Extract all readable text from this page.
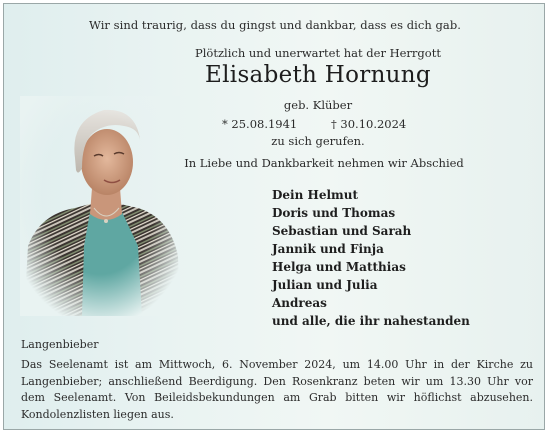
Wir sind traurig, dass du gingst und dankbar, dass es dich gab.
Plötzlich und unerwartet hat der Herrgott
Elisabeth Hornung
geb. Klüber
* 25.08.1941	† 30.10.2024
zu sich gerufen.
In Liebe und Dankbarkeit nehmen wir Abschied
Dein Helmut
Doris und Thomas
Sebastian und Sarah
Jannik und Finja
Helga und Matthias
Julian und Julia
Andreas
und alle, die ihr nahestanden
Langenbieber
Das Seelenamt ist am Mittwoch, 6. November 2024, um 14.00 Uhr in der Kirche zu Langenbieber; anschließend Beerdigung. Den Rosenkranz beten wir um 13.30 Uhr vor dem Seelenamt. Von Beileidsbekundungen am Grab bitten wir höflichst abzusehen. Kondolenzlisten liegen aus.
